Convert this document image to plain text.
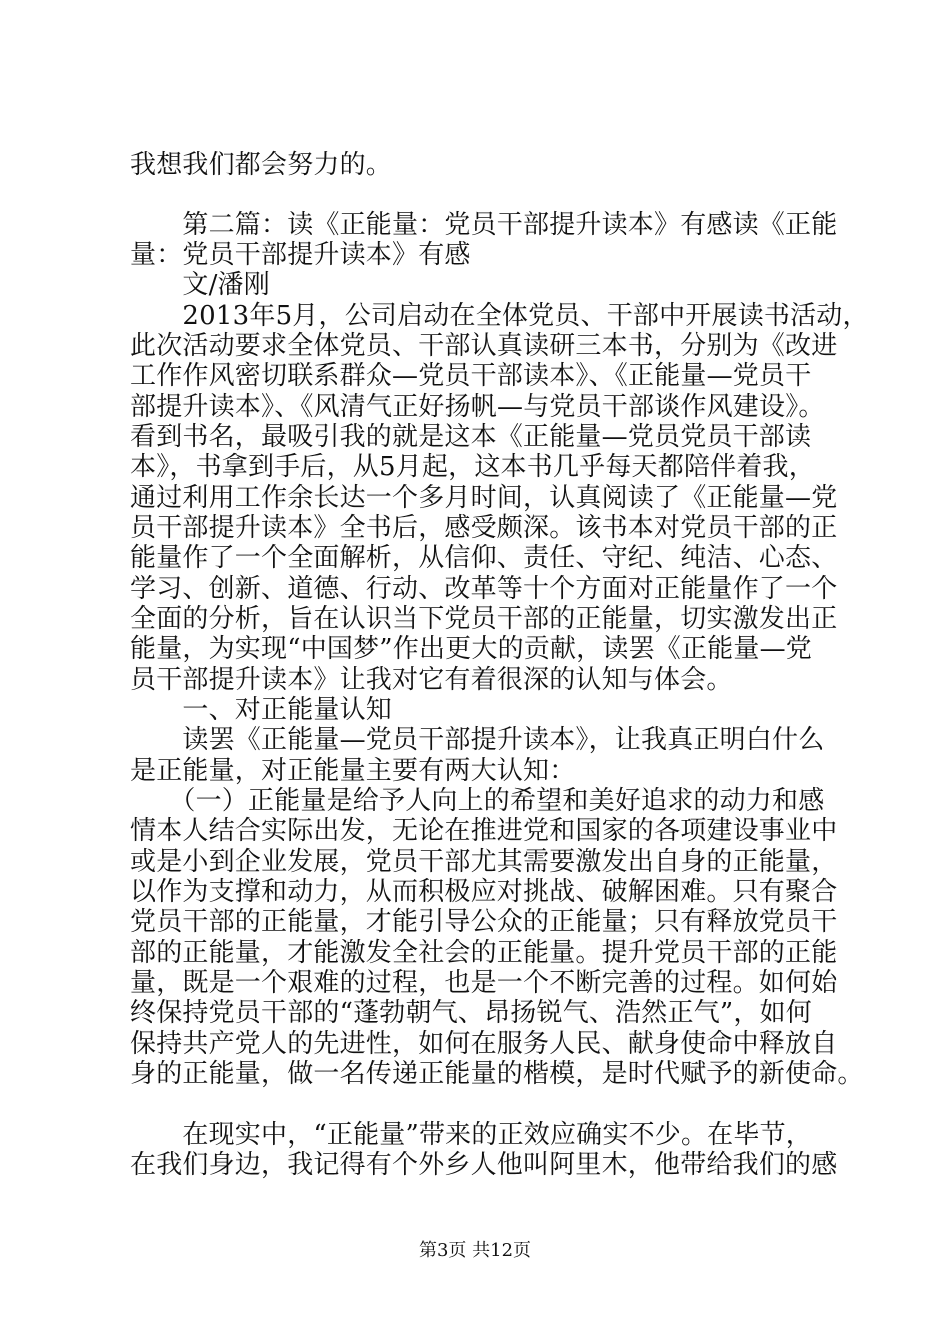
我想我们都会努力的。
　　第二篇：读《正能量：党员干部提升读本》有感读《正能
量：党员干部提升读本》有感
　　文/潘刚
　　2013年5月，公司启动在全体党员、干部中开展读书活动，
此次活动要求全体党员、干部认真读研三本书，分别为《改进
工作作风密切联系群众—党员干部读本》、《正能量—党员干
部提升读本》、《风清气正好扬帆—与党员干部谈作风建设》。
看到书名，最吸引我的就是这本《正能量—党员党员干部读
本》，书拿到手后，从5月起，这本书几乎每天都陪伴着我，
通过利用工作余长达一个多月时间，认真阅读了《正能量—党
员干部提升读本》全书后，感受颇深。该书本对党员干部的正
能量作了一个全面解析，从信仰、责任、守纪、纯洁、心态、
学习、创新、道德、行动、改革等十个方面对正能量作了一个
全面的分析，旨在认识当下党员干部的正能量，切实激发出正
能量，为实现“中国梦”作出更大的贡献，读罢《正能量—党
员干部提升读本》让我对它有着很深的认知与体会。
　　一、对正能量认知
　　读罢《正能量—党员干部提升读本》，让我真正明白什么
是正能量，对正能量主要有两大认知：
　　（一）正能量是给予人向上的希望和美好追求的动力和感
情本人结合实际出发，无论在推进党和国家的各项建设事业中
或是小到企业发展，党员干部尤其需要激发出自身的正能量，
以作为支撑和动力，从而积极应对挑战、破解困难。只有聚合
党员干部的正能量，才能引导公众的正能量；只有释放党员干
部的正能量，才能激发全社会的正能量。提升党员干部的正能
量，既是一个艰难的过程，也是一个不断完善的过程。如何始
终保持党员干部的“蓬勃朝气、昂扬锐气、浩然正气”，如何
保持共产党人的先进性，如何在服务人民、献身使命中释放自
身的正能量，做一名传递正能量的楷模，是时代赋予的新使命。
　　在现实中，“正能量”带来的正效应确实不少。在毕节，
在我们身边，我记得有个外乡人他叫阿里木，他带给我们的感
第3页 共12页
